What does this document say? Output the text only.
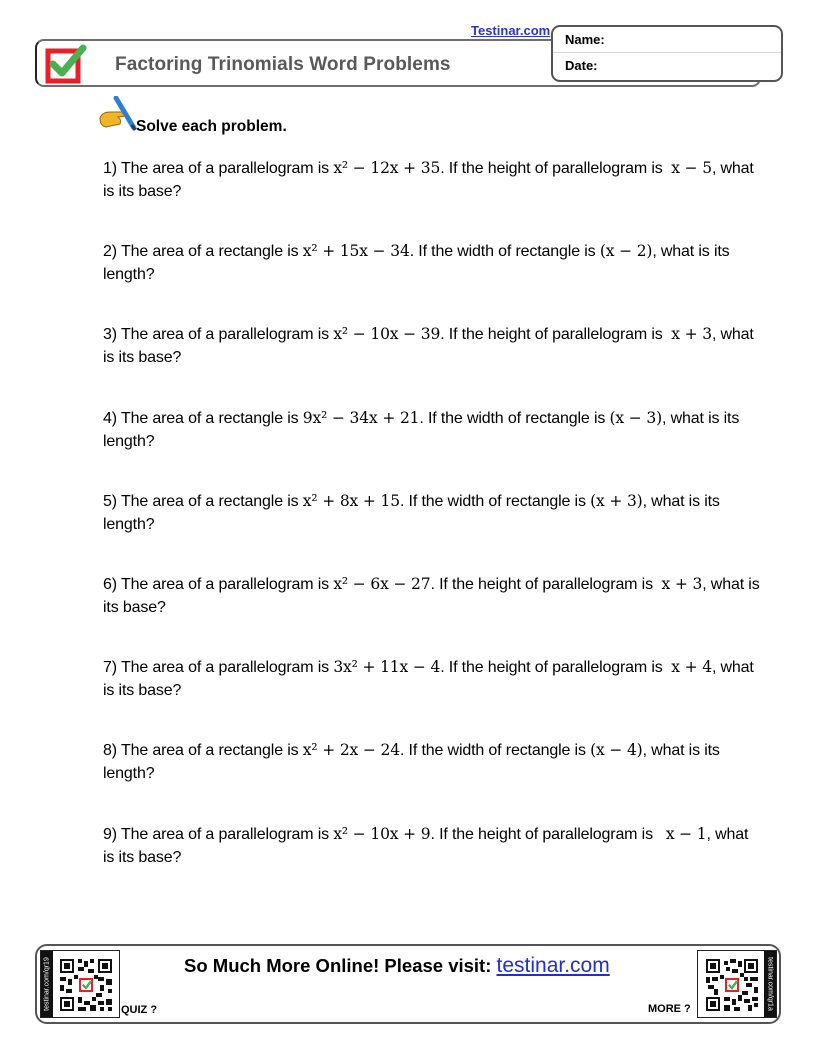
Factoring Trinomials Word Problems
Testinar.com
Name:
Date:
Solve each problem.
1) The area of a parallelogram is x² − 12x + 35. If the height of parallelogram is  x − 5, what is its base?
2) The area of a rectangle is x² + 15x − 34. If the width of rectangle is (x − 2), what is its length?
3) The area of a parallelogram is x² − 10x − 39. If the height of parallelogram is  x + 3, what is its base?
4) The area of a rectangle is 9x² − 34x + 21. If the width of rectangle is (x − 3), what is its length?
5) The area of a rectangle is x² + 8x + 15. If the width of rectangle is (x + 3), what is its length?
6) The area of a parallelogram is x² − 6x − 27. If the height of parallelogram is  x + 3, what is its base?
7) The area of a parallelogram is 3x² + 11x − 4. If the height of parallelogram is  x + 4, what is its base?
8) The area of a rectangle is x² + 2x − 24. If the width of rectangle is (x − 4), what is its length?
9) The area of a parallelogram is x² − 10x + 9. If the height of parallelogram is   x − 1, what is its base?
testinar.com/qr19	QUIZ ?
So Much More Online! Please visit: testinar.com
MORE ?	testinar.com/qr1a
